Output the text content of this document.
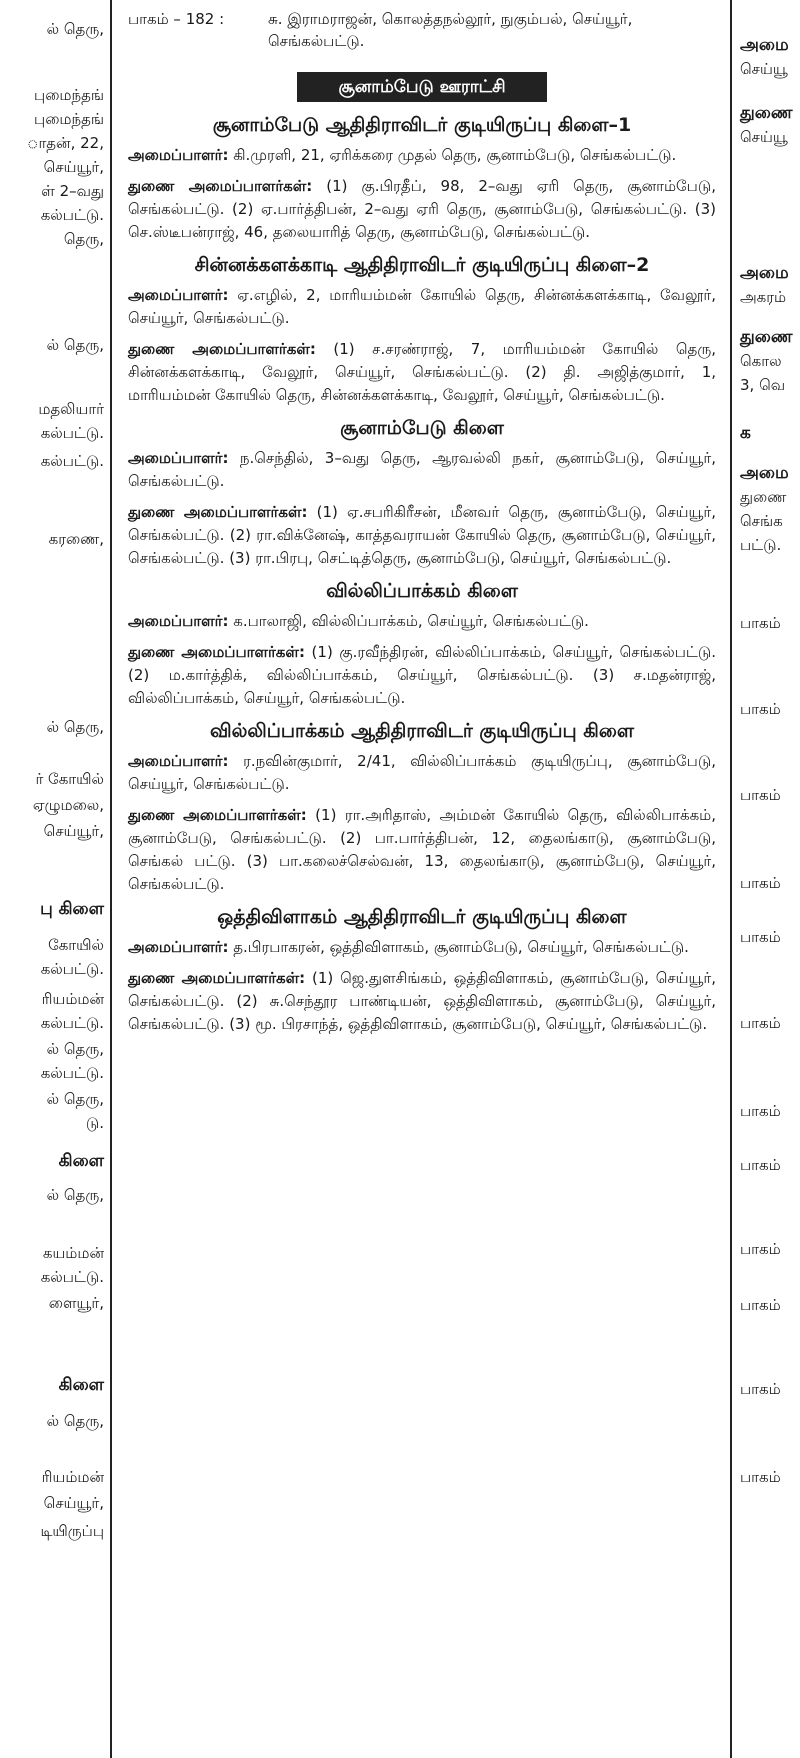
ல் தெரு,
புமைந்தங்
புமைந்தங்
ாதன், 22,
செய்யூர்,
ள் 2–வது
கல்பட்டு.
தெரு,
ல் தெரு,
மதலியார்
கல்பட்டு.
கல்பட்டு.
கரணை,
ல் தெரு,
ர் கோயில்
ஏழுமலை,
செய்யூர்,
பு கிளை
கோயில்
கல்பட்டு.
ரியம்மன்
கல்பட்டு.
ல் தெரு,
கல்பட்டு.
ல் தெரு,
டு.
கிளை
ல் தெரு,
கயம்மன்
கல்பட்டு.
ளையூர்,
கிளை
ல் தெரு,
ரியம்மன்
செய்யூர்,
டியிருப்பு
பாகம் – 182 :	சு. இராமராஜன், கொலத்தநல்லூர், நுகும்பல், செய்யூர், செங்கல்பட்டு.
சூனாம்பேடு ஊராட்சி
சூனாம்பேடு ஆதிதிராவிடர் குடியிருப்பு கிளை–1
அமைப்பாளர்: கி.முரளி, 21, ஏரிக்கரை முதல் தெரு, சூனாம்பேடு, செங்கல்பட்டு.
துணை அமைப்பாளர்கள்: (1) கு.பிரதீப், 98, 2–வது ஏரி தெரு, சூனாம்பேடு, செங்கல்பட்டு. (2) ஏ.பார்த்திபன், 2–வது ஏரி தெரு, சூனாம்பேடு, செங்கல்பட்டு. (3) செ.ஸ்டீபன்ராஜ், 46, தலையாரித் தெரு, சூனாம்பேடு, செங்கல்பட்டு.
சின்னக்களக்காடி ஆதிதிராவிடர் குடியிருப்பு கிளை–2
அமைப்பாளர்: ஏ.எழில், 2, மாரியம்மன் கோயில் தெரு, சின்னக்களக்காடி, வேலூர், செய்யூர், செங்கல்பட்டு.
துணை அமைப்பாளர்கள்: (1) ச.சரண்ராஜ், 7, மாரியம்மன் கோயில் தெரு, சின்னக்களக்காடி, வேலூர், செய்யூர், செங்கல்பட்டு. (2) தி. அஜித்குமார், 1, மாரியம்மன் கோயில் தெரு, சின்னக்களக்காடி, வேலூர், செய்யூர், செங்கல்பட்டு.
சூனாம்பேடு கிளை
அமைப்பாளர்: ந.செந்தில், 3–வது தெரு, ஆரவல்லி நகர், சூனாம்பேடு, செய்யூர், செங்கல்பட்டு.
துணை அமைப்பாளர்கள்: (1) ஏ.சபரிகிரீசன், மீனவர் தெரு, சூனாம்பேடு, செய்யூர், செங்கல்பட்டு. (2) ரா.விக்னேஷ், காத்தவராயன் கோயில் தெரு, சூனாம்பேடு, செய்யூர், செங்கல்பட்டு. (3) ரா.பிரபு, செட்டித்தெரு, சூனாம்பேடு, செய்யூர், செங்கல்பட்டு.
வில்லிப்பாக்கம் கிளை
அமைப்பாளர்: க.பாலாஜி, வில்லிப்பாக்கம், செய்யூர், செங்கல்பட்டு.
துணை அமைப்பாளர்கள்: (1) கு.ரவீந்திரன், வில்லிப்பாக்கம், செய்யூர், செங்கல்பட்டு. (2) ம.கார்த்திக், வில்லிப்பாக்கம், செய்யூர், செங்கல்பட்டு. (3) ச.மதன்ராஜ், வில்லிப்பாக்கம், செய்யூர், செங்கல்பட்டு.
வில்லிப்பாக்கம் ஆதிதிராவிடர் குடியிருப்பு கிளை
அமைப்பாளர்: ர.நவின்குமார், 2/41, வில்லிப்பாக்கம் குடியிருப்பு, சூனாம்பேடு, செய்யூர், செங்கல்பட்டு.
துணை அமைப்பாளர்கள்: (1) ரா.அரிதாஸ், அம்மன் கோயில் தெரு, வில்லிபாக்கம், சூனாம்பேடு, செங்கல்பட்டு. (2) பா.பார்த்திபன், 12, தைலங்காடு, சூனாம்பேடு, செங்கல் பட்டு. (3) பா.கலைச்செல்வன், 13, தைலங்காடு, சூனாம்பேடு, செய்யூர், செங்கல்பட்டு.
ஒத்திவிளாகம் ஆதிதிராவிடர் குடியிருப்பு கிளை
அமைப்பாளர்: த.பிரபாகரன், ஒத்திவிளாகம், சூனாம்பேடு, செய்யூர், செங்கல்பட்டு.
துணை அமைப்பாளர்கள்: (1) ஜெ.துளசிங்கம், ஒத்திவிளாகம், சூனாம்பேடு, செய்யூர், செங்கல்பட்டு. (2) சு.செந்தூர பாண்டியன், ஒத்திவிளாகம், சூனாம்பேடு, செய்யூர், செங்கல்பட்டு. (3) மூ. பிரசாந்த், ஒத்திவிளாகம், சூனாம்பேடு, செய்யூர், செங்கல்பட்டு.
அமை
செய்யூ
துணை
செய்யூ
அமை
அகரம்
துணை
கொல
3, வெ
க
அமை
துணை
செங்க
பட்டு.
பாகம்
பாகம்
பாகம்
பாகம்
பாகம்
பாகம்
பாகம்
பாகம்
பாகம்
பாகம்
பாகம்
பாகம்
